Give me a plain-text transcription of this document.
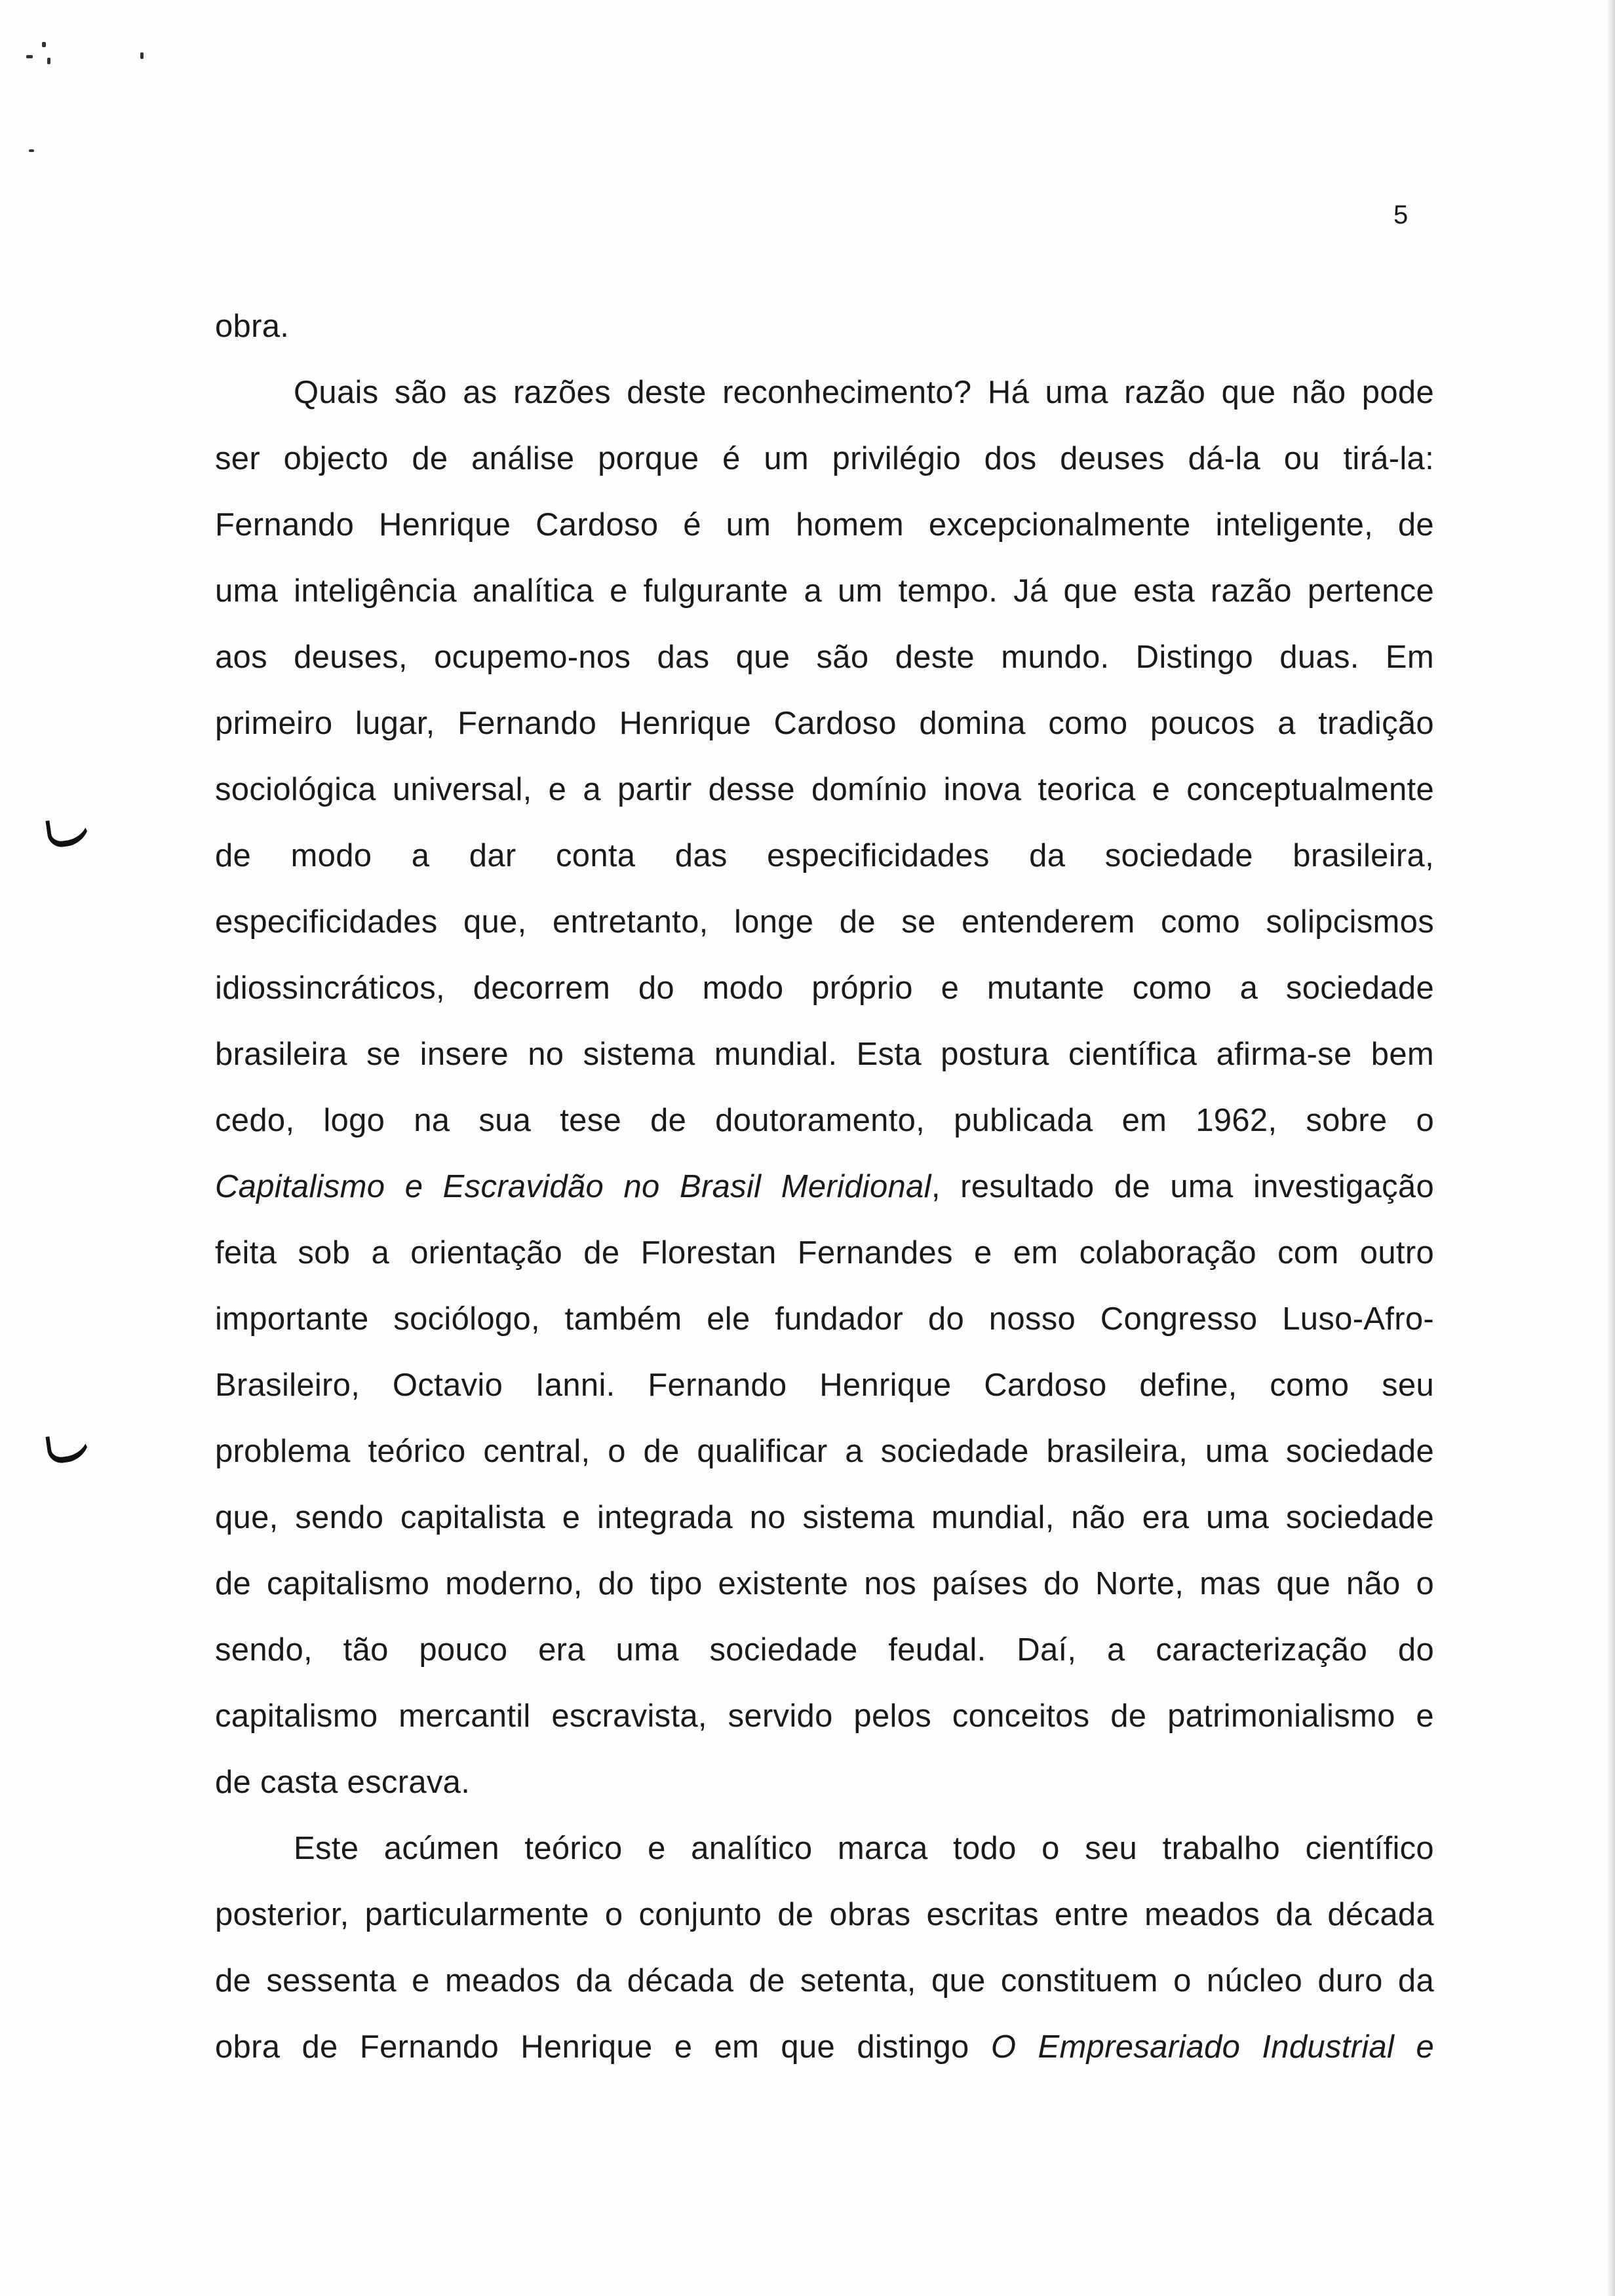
5
obra.
Quais são as razões deste reconhecimento? Há uma razão que não pode
ser objecto de análise porque é um privilégio dos deuses dá-la ou tirá-la:
Fernando Henrique Cardoso é um homem excepcionalmente inteligente, de
uma inteligência analítica e fulgurante a um tempo. Já que esta razão pertence
aos deuses, ocupemo-nos das que são deste mundo. Distingo duas. Em
primeiro lugar, Fernando Henrique Cardoso domina como poucos a tradição
sociológica universal, e a partir desse domínio inova teorica e conceptualmente
de modo a dar conta das especificidades da sociedade brasileira,
especificidades que, entretanto, longe de se entenderem como solipcismos
idiossincráticos, decorrem do modo próprio e mutante como a sociedade
brasileira se insere no sistema mundial. Esta postura científica afirma-se bem
cedo, logo na sua tese de doutoramento, publicada em 1962, sobre o
Capitalismo e Escravidão no Brasil Meridional, resultado de uma investigação
feita sob a orientação de Florestan Fernandes e em colaboração com outro
importante sociólogo, também ele fundador do nosso Congresso Luso-Afro-
Brasileiro, Octavio Ianni. Fernando Henrique Cardoso define, como seu
problema teórico central, o de qualificar a sociedade brasileira, uma sociedade
que, sendo capitalista e integrada no sistema mundial, não era uma sociedade
de capitalismo moderno, do tipo existente nos países do Norte, mas que não o
sendo, tão pouco era uma sociedade feudal. Daí, a caracterização do
capitalismo mercantil escravista, servido pelos conceitos de patrimonialismo e
de casta escrava.
Este acúmen teórico e analítico marca todo o seu trabalho científico
posterior, particularmente o conjunto de obras escritas entre meados da década
de sessenta e meados da década de setenta, que constituem o núcleo duro da
obra de Fernando Henrique e em que distingo O Empresariado Industrial e
